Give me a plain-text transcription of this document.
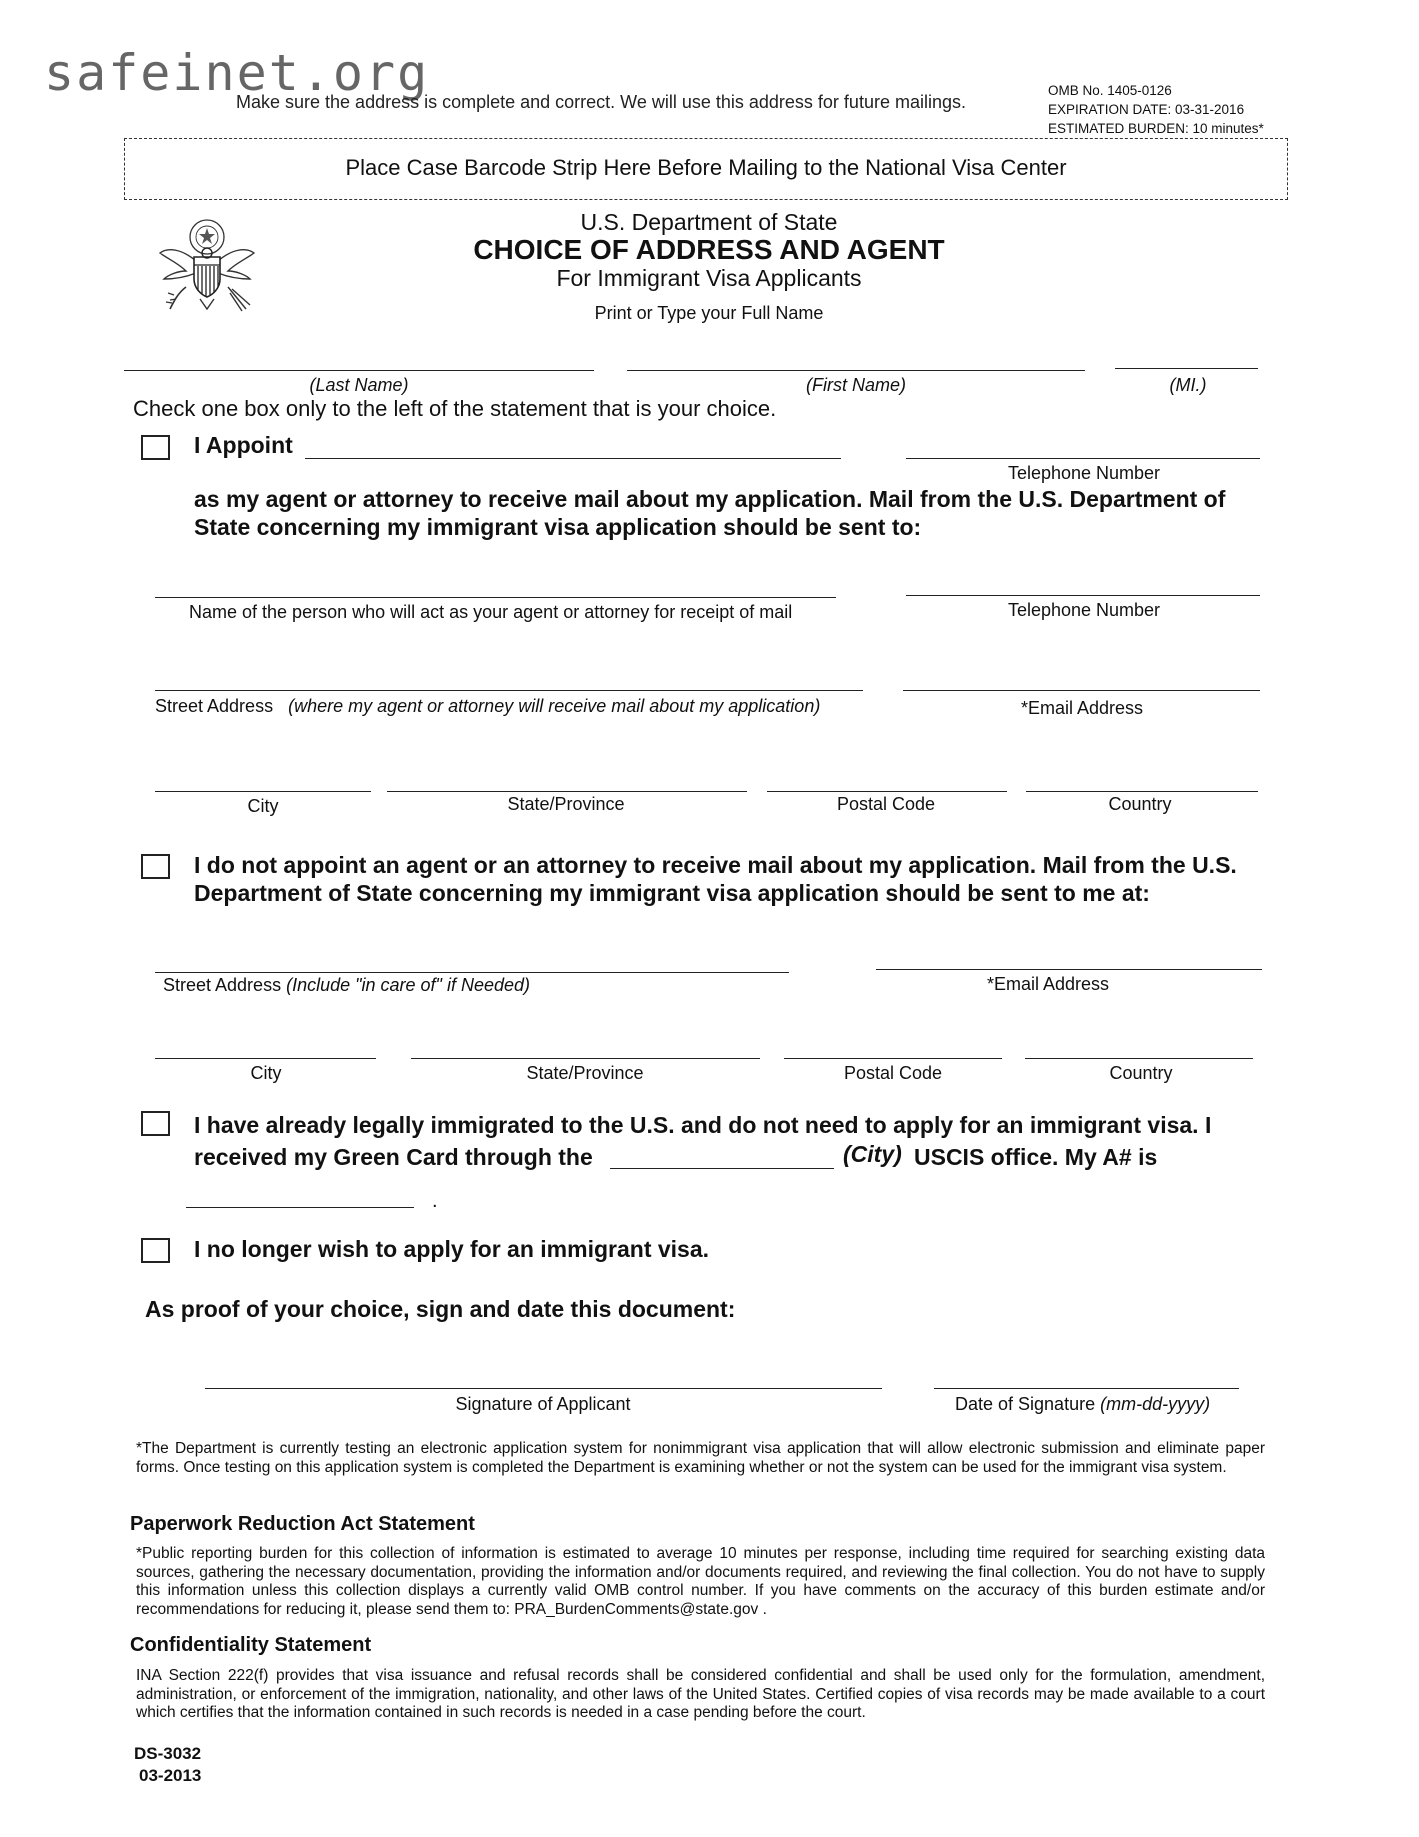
safeinet.org
Make sure the address is complete and correct. We will use this address for future mailings.
OMB No. 1405-0126
EXPIRATION DATE: 03-31-2016
ESTIMATED BURDEN: 10 minutes*
Place Case Barcode Strip Here Before Mailing to the National Visa Center
U.S. Department of State
CHOICE OF ADDRESS AND AGENT
For Immigrant Visa Applicants
Print or Type your Full Name
(Last Name)	(First Name)	(MI.)
Check one box only to the left of the statement that is your choice.
I Appoint
Telephone Number
as my agent or attorney to receive mail about my application. Mail from the U.S. Department of
State concerning my immigrant visa application should be sent to:
Name of the person who will act as your agent or attorney for receipt of mail	Telephone Number
Street Address (where my agent or attorney will receive mail about my application)	*Email Address
City	State/Province	Postal Code	Country
I do not appoint an agent or an attorney to receive mail about my application. Mail from the U.S.
Department of State concerning my immigrant visa application should be sent to me at:
Street Address (Include "in care of" if Needed)	*Email Address
City	State/Province	Postal Code	Country
I have already legally immigrated to the U.S. and do not need to apply for an immigrant visa. I
received my Green Card through the	(City) USCIS office. My A# is
.
I no longer wish to apply for an immigrant visa.
As proof of your choice, sign and date this document:
Signature of Applicant	Date of Signature (mm-dd-yyyy)
*The Department is currently testing an electronic application system for nonimmigrant visa application that will allow electronic submission and eliminate paper forms. Once testing on this application system is completed the Department is examining whether or not the system can be used for the immigrant visa system.
Paperwork Reduction Act Statement
*Public reporting burden for this collection of information is estimated to average 10 minutes per response, including time required for searching existing data sources, gathering the necessary documentation, providing the information and/or documents required, and reviewing the final collection. You do not have to supply this information unless this collection displays a currently valid OMB control number. If you have comments on the accuracy of this burden estimate and/or recommendations for reducing it, please send them to: PRA_BurdenComments@state.gov .
Confidentiality Statement
INA Section 222(f) provides that visa issuance and refusal records shall be considered confidential and shall be used only for the formulation, amendment, administration, or enforcement of the immigration, nationality, and other laws of the United States. Certified copies of visa records may be made available to a court which certifies that the information contained in such records is needed in a case pending before the court.
DS-3032
03-2013
